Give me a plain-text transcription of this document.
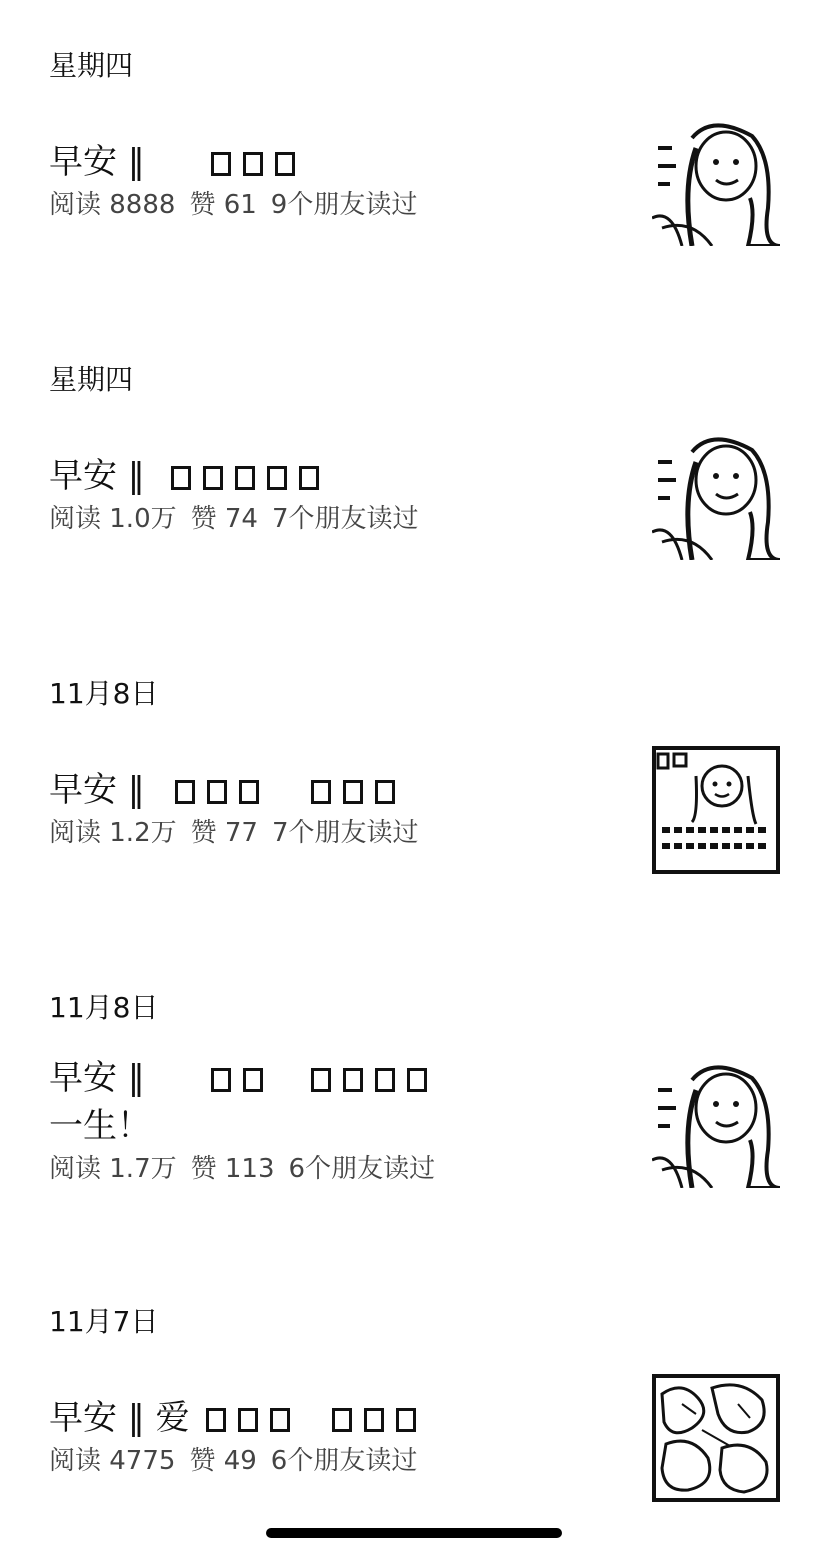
星期四
早安 ‖
阅读 8888 赞 61 9个朋友读过
星期四
早安 ‖
阅读 1.0万 赞 74 7个朋友读过
11月8日
早安 ‖
阅读 1.2万 赞 77 7个朋友读过
11月8日
早安 ‖
一生！
阅读 1.7万 赞 113 6个朋友读过
11月7日
早安 ‖ 爱
阅读 4775 赞 49 6个朋友读过
